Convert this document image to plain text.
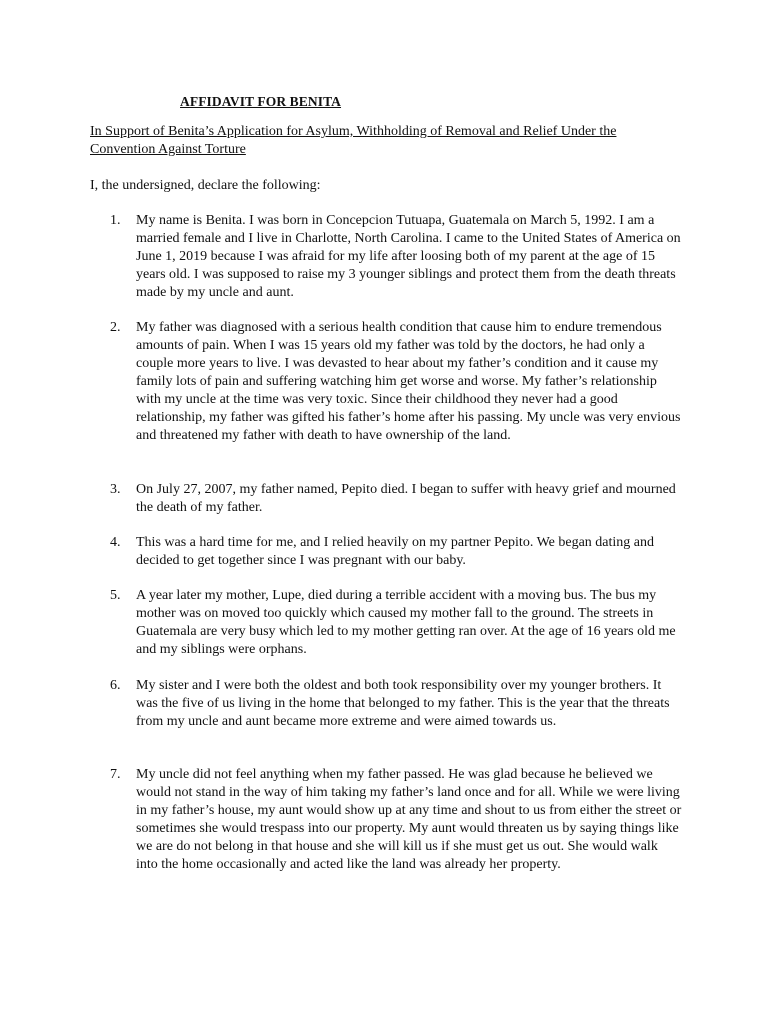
AFFIDAVIT FOR BENITA
In Support of Benita’s Application for Asylum, Withholding of Removal and Relief Under the Convention Against Torture
I, the undersigned, declare the following:
1.	My name is Benita. I was born in Concepcion Tutuapa, Guatemala on March 5, 1992. I am a married female and I live in Charlotte, North Carolina. I came to the United States of America on June 1, 2019 because I was afraid for my life after loosing both of my parent at the age of 15 years old. I was supposed to raise my 3 younger siblings and protect them from the death threats made by my uncle and aunt.
2.	My father was diagnosed with a serious health condition that cause him to endure tremendous amounts of pain. When I was 15 years old my father was told by the doctors, he had only a couple more years to live. I was devasted to hear about my father’s condition and it cause my family lots of pain and suffering watching him get worse and worse. My father’s relationship with my uncle at the time was very toxic. Since their childhood they never had a good relationship, my father was gifted his father’s home after his passing. My uncle was very envious and threatened my father with death to have ownership of the land.
3.	On July 27, 2007, my father named, Pepito died. I began to suffer with heavy grief and mourned the death of my father.
4.	This was a hard time for me, and I relied heavily on my partner Pepito. We began dating and decided to get together since I was pregnant with our baby.
5.	A year later my mother, Lupe, died during a terrible accident with a moving bus. The bus my mother was on moved too quickly which caused my mother fall to the ground. The streets in Guatemala are very busy which led to my mother getting ran over. At the age of 16 years old me and my siblings were orphans.
6.	My sister and I were both the oldest and both took responsibility over my younger brothers. It was the five of us living in the home that belonged to my father. This is the year that the threats from my uncle and aunt became more extreme and were aimed towards us.
7.	My uncle did not feel anything when my father passed. He was glad because he believed we would not stand in the way of him taking my father’s land once and for all. While we were living in my father’s house, my aunt would show up at any time and shout to us from either the street or sometimes she would trespass into our property. My aunt would threaten us by saying things like we are do not belong in that house and she will kill us if she must get us out. She would walk into the home occasionally and acted like the land was already her property.
